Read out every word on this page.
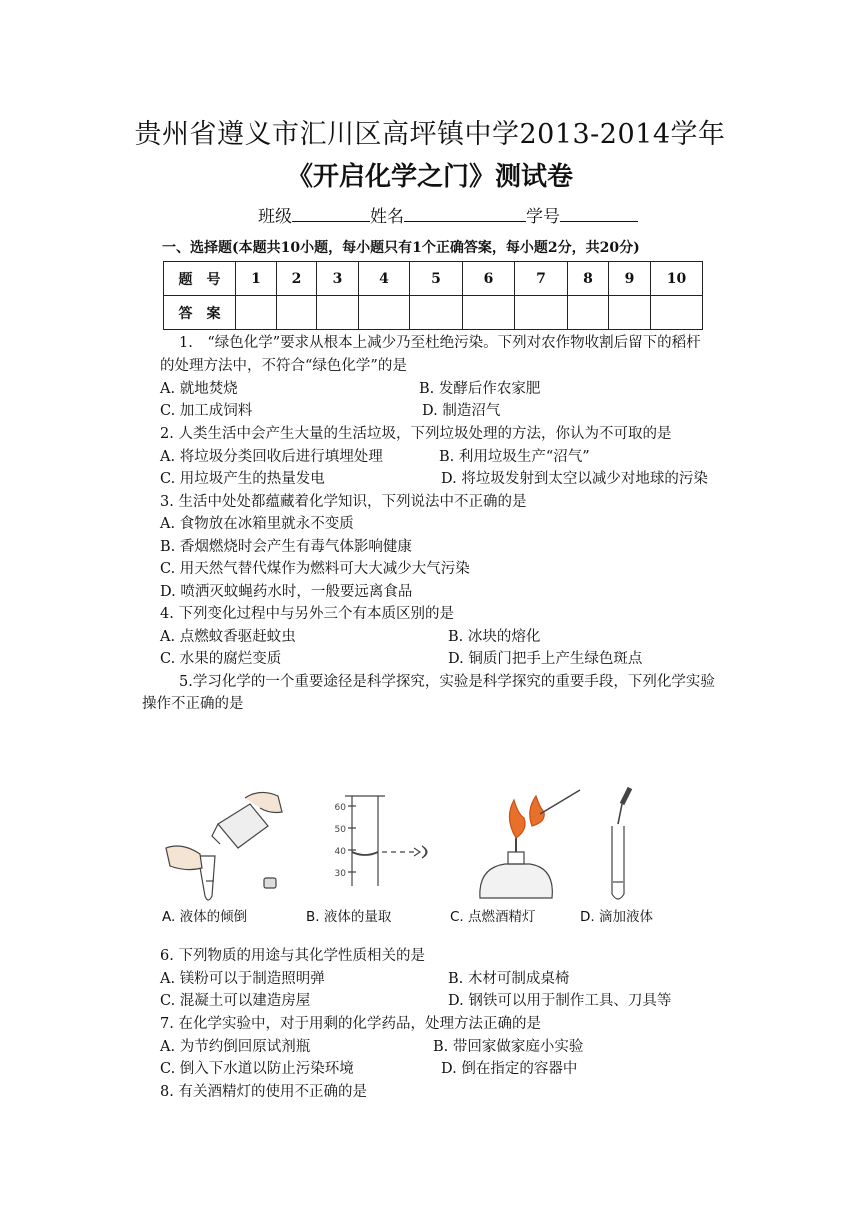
贵州省遵义市汇川区高坪镇中学2013-2014学年
《开启化学之门》测试卷
班级	姓名	学号
一、选择题(本题共10小题，每小题只有1个正确答案，每小题2分，共20分)
题　号	1	2	3	4	5	6	7	8	9	10
答　案										
1.　“绿色化学”要求从根本上减少乃至杜绝污染。下列对农作物收割后留下的稻杆
的处理方法中，不符合“绿色化学”的是
A. 就地焚烧	B. 发酵后作农家肥
C. 加工成饲料	D. 制造沼气
2. 人类生活中会产生大量的生活垃圾，下列垃圾处理的方法，你认为不可取的是
A. 将垃圾分类回收后进行填埋处理	B. 利用垃圾生产“沼气”
C. 用垃圾产生的热量发电	D. 将垃圾发射到太空以减少对地球的污染
3. 生活中处处都蕴藏着化学知识，下列说法中不正确的是
A. 食物放在冰箱里就永不变质
B. 香烟燃烧时会产生有毒气体影响健康
C. 用天然气替代煤作为燃料可大大减少大气污染
D. 喷洒灭蚊蝇药水时，一般要远离食品
4. 下列变化过程中与另外三个有本质区别的是
A. 点燃蚊香驱赶蚊虫	B. 冰块的熔化
C. 水果的腐烂变质	D. 铜质门把手上产生绿色斑点
5.学习化学的一个重要途径是科学探究，实验是科学探究的重要手段，下列化学实验
操作不正确的是
60
50
40
30
A. 液体的倾倒	B. 液体的量取	C. 点燃酒精灯	D. 滴加液体
6. 下列物质的用途与其化学性质相关的是
A. 镁粉可以于制造照明弹	B. 木材可制成桌椅
C. 混凝土可以建造房屋	D. 钢铁可以用于制作工具、刀具等
7. 在化学实验中，对于用剩的化学药品，处理方法正确的是
A. 为节约倒回原试剂瓶	B. 带回家做家庭小实验
C. 倒入下水道以防止污染环境	D. 倒在指定的容器中
8. 有关酒精灯的使用不正确的是
